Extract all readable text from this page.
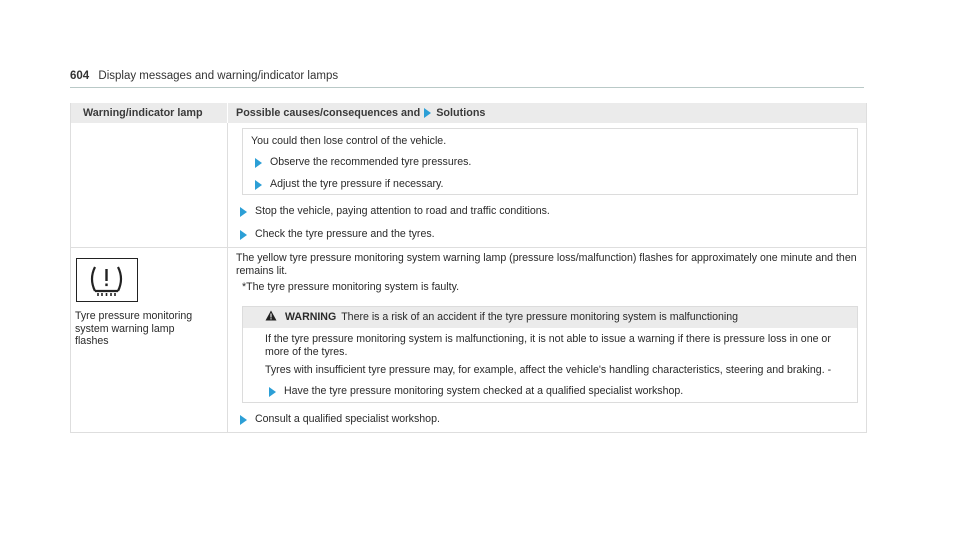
604 Display messages and warning/indicator lamps
Warning/indicator lamp	Possible causes/consequences and Solutions

You could then lose control of the vehicle.

Observe the recommended tyre pressures.
Adjust the tyre pressure if necessary.
Stop the vehicle, paying attention to road and traffic conditions.
Check the tyre pressure and the tyres.
Tyre pressure monitoring
system warning lamp
flashes

The yellow tyre pressure monitoring system warning lamp (pressure loss/malfunction) flashes for approximately one minute and then remains lit.

*The tyre pressure monitoring system is faulty.

WARNING There is a risk of an accident if the tyre pressure monitoring system is malfunctioning

If the tyre pressure monitoring system is malfunctioning, it is not able to issue a warning if there is pressure loss in one or more of the tyres.

Tyres with insufficient tyre pressure may, for example, affect the vehicle's handling characteristics, steering and braking. -

Have the tyre pressure monitoring system checked at a qualified specialist workshop.
Consult a qualified specialist workshop.
